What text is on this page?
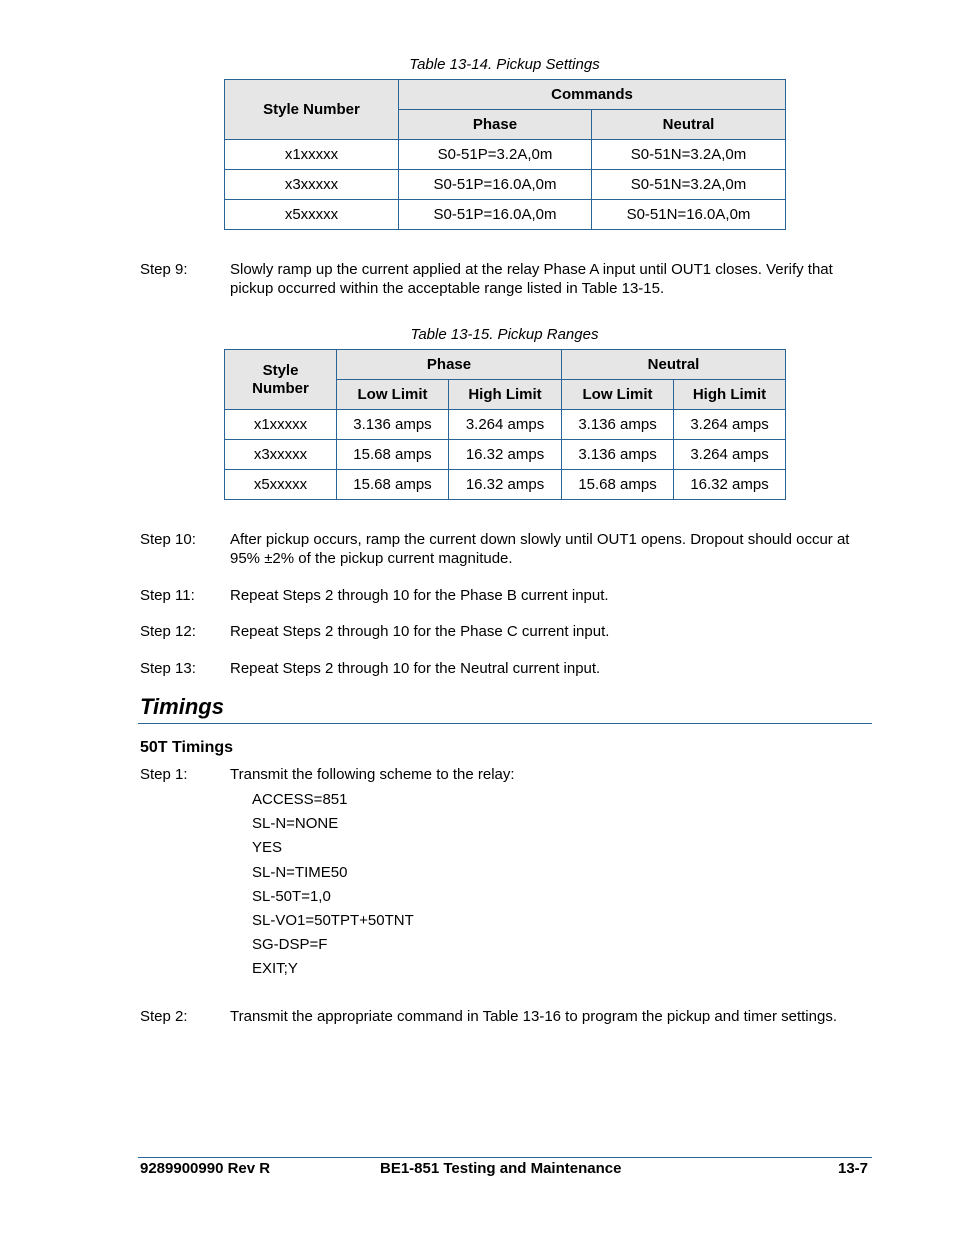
Table 13-14. Pickup Settings
Style Number	Commands	
	Phase	Neutral
x1xxxxx	S0-51P=3.2A,0m	S0-51N=3.2A,0m
x3xxxxx	S0-51P=16.0A,0m	S0-51N=3.2A,0m
x5xxxxx	S0-51P=16.0A,0m	S0-51N=16.0A,0m
Step 9:	Slowly ramp up the current applied at the relay Phase A input until OUT1 closes. Verify that pickup occurred within the acceptable range listed in Table 13-15.
Table 13-15. Pickup Ranges
Style Number	Phase		Neutral	
	Low Limit	High Limit	Low Limit	High Limit
x1xxxxx	3.136 amps	3.264 amps	3.136 amps	3.264 amps
x3xxxxx	15.68 amps	16.32 amps	3.136 amps	3.264 amps
x5xxxxx	15.68 amps	16.32 amps	15.68 amps	16.32 amps
Step 10: After pickup occurs, ramp the current down slowly until OUT1 opens. Dropout should occur at 95% ±2% of the pickup current magnitude.
Step 11: Repeat Steps 2 through 10 for the Phase B current input.
Step 12: Repeat Steps 2 through 10 for the Phase C current input.
Step 13: Repeat Steps 2 through 10 for the Neutral current input.
Timings
50T Timings
Step 1:	Transmit the following scheme to the relay:
ACCESS=851
SL-N=NONE
YES
SL-N=TIME50
SL-50T=1,0
SL-VO1=50TPT+50TNT
SG-DSP=F
EXIT;Y
Step 2:	Transmit the appropriate command in Table 13-16 to program the pickup and timer settings.
9289900990 Rev R	BE1-851 Testing and Maintenance	13-7
